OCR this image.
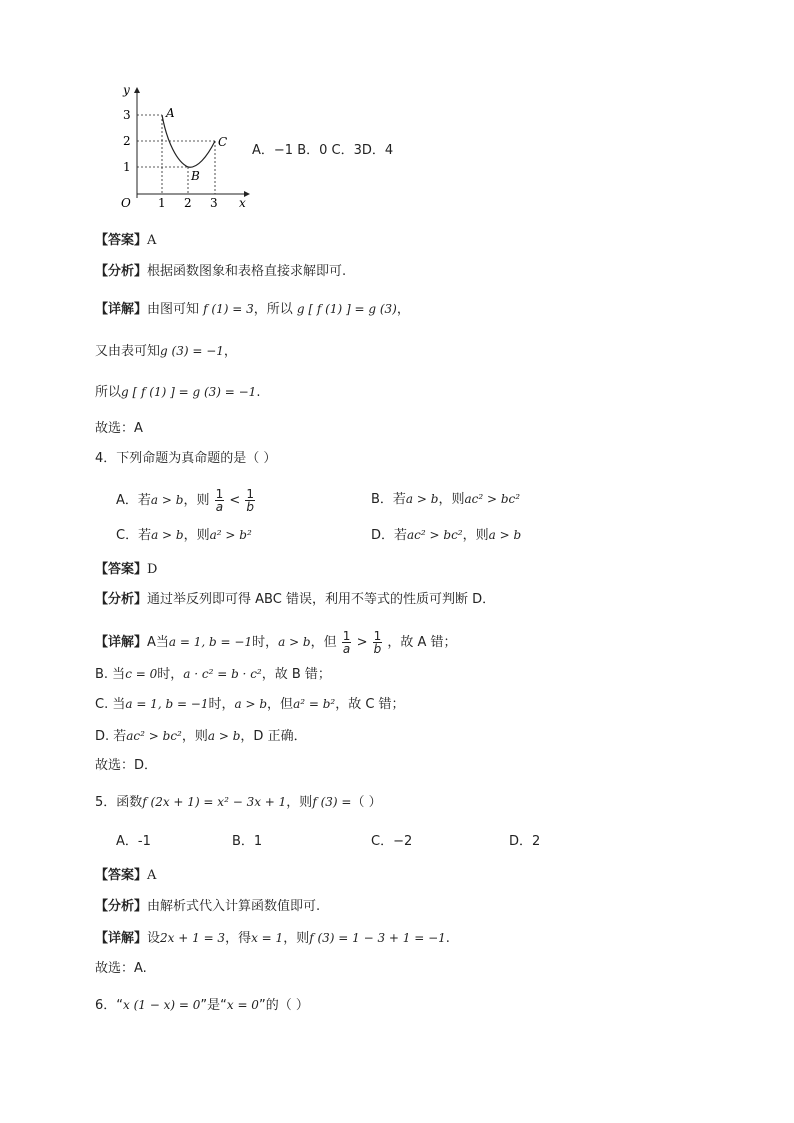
y
x
O
3
2
1
1 2 3
A
B
C
A．−1 B．0 C．3D．4
【答案】A
【分析】根据函数图象和表格直接求解即可.
【详解】由图可知 f (1) = 3，所以 g [ f (1) ] = g (3)，
又由表可知g (3) = −1，
所以g [ f (1) ] = g (3) = −1.
故选：A
4．下列命题为真命题的是（ ）
A．若a > b，则 $\frac{1}{a} < \frac{1}{b}$	B．若a > b，则ac² > bc²
C．若a > b，则a² > b²	D．若ac² > bc²，则a > b
【答案】D
【分析】通过举反列即可得 ABC 错误，利用不等式的性质可判断 D．
【详解】A当a = 1, b = −1时，a > b，但 $\frac{1}{a} > \frac{1}{b}$ ，故 A 错；
B. 当c = 0时，a · c² = b · c²，故 B 错；
C. 当a = 1, b = −1时，a > b，但a² = b²，故 C 错；
D. 若ac² > bc²，则a > b，D 正确．
故选：D．
5．函数f (2x + 1) = x² − 3x + 1，则f (3) =（ ）
A．-1	B．1	C．−2	D．2
【答案】A
【分析】由解析式代入计算函数值即可.
【详解】设2x + 1 = 3，得x = 1，则f (3) = 1 − 3 + 1 = −1.
故选：A.
6．“x (1 − x) = 0”是“x = 0”的（ ）
